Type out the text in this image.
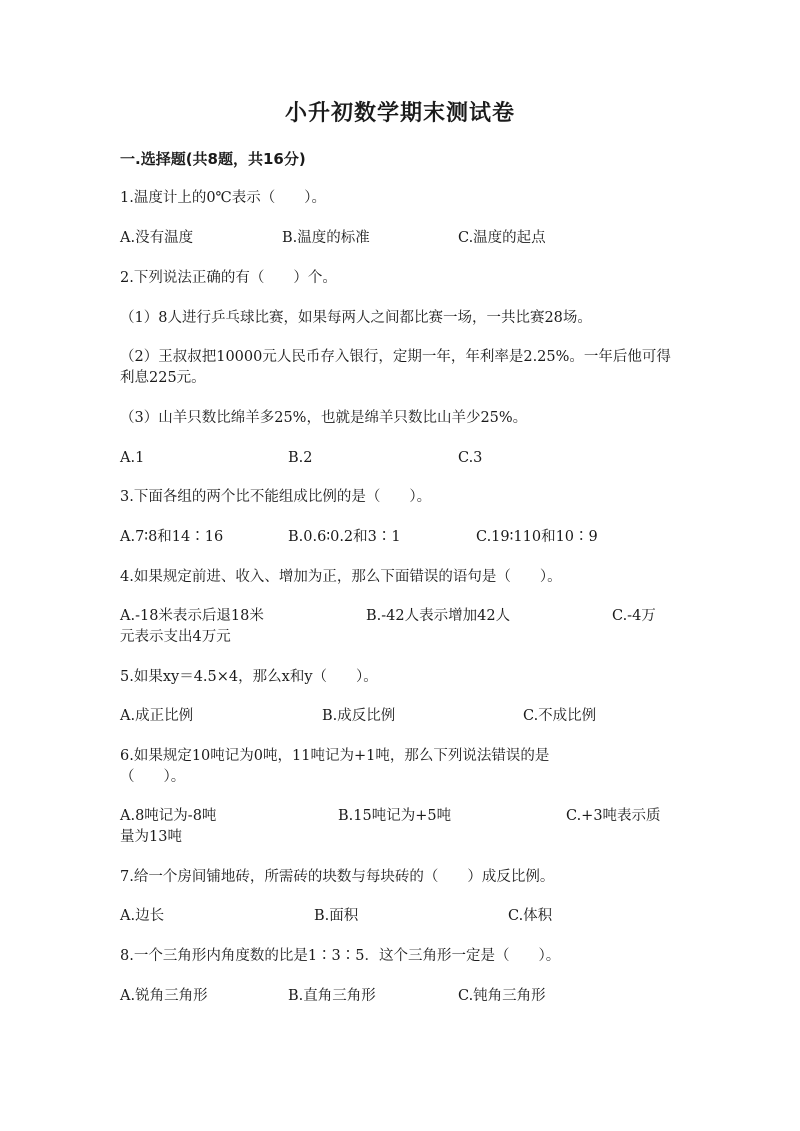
小升初数学期末测试卷
一.选择题(共8题，共16分)
1.温度计上的0℃表示（　　）。
A.没有温度	B.温度的标准	C.温度的起点
2.下列说法正确的有（　　）个。
（1）8人进行乒乓球比赛，如果每两人之间都比赛一场，一共比赛28场。
（2）王叔叔把10000元人民币存入银行，定期一年，年利率是2.25%。一年后他可得利息225元。
（3）山羊只数比绵羊多25%，也就是绵羊只数比山羊少25%。
A.1	B.2	C.3
3.下面各组的两个比不能组成比例的是（　　）。
A.7∶8和14∶16	B.0.6∶0.2和3∶1	C.19∶110和10∶9
4.如果规定前进、收入、增加为正，那么下面错误的语句是（　　）。
A.-18米表示后退18米	B.-42人表示增加42人	C.-4万
元表示支出4万元
5.如果xy＝4.5×4，那么x和y（　　）。
A.成正比例	B.成反比例	C.不成比例
6.如果规定10吨记为0吨，11吨记为+1吨，那么下列说法错误的是
（　　）。
A.8吨记为-8吨	B.15吨记为+5吨	C.+3吨表示质
量为13吨
7.给一个房间铺地砖，所需砖的块数与每块砖的（　　）成反比例。
A.边长	B.面积	C.体积
8.一个三角形内角度数的比是1∶3∶5．这个三角形一定是（　　）。
A.锐角三角形	B.直角三角形	C.钝角三角形
